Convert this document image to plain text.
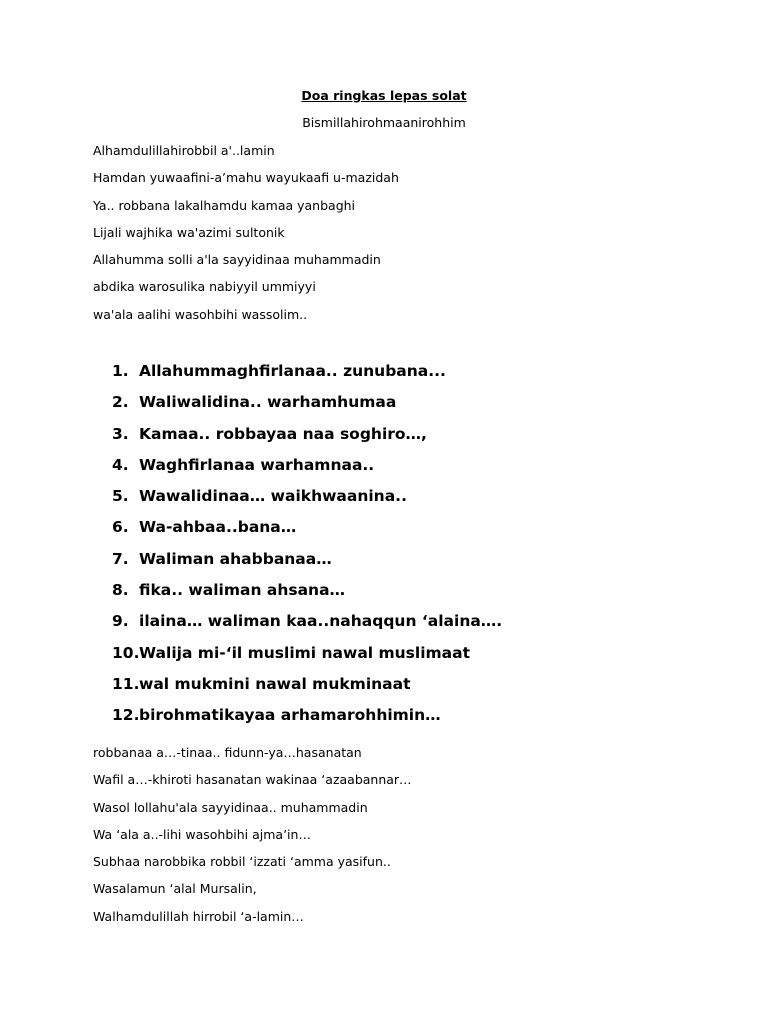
Doa ringkas lepas solat
Bismillahirohmaanirohhim
Alhamdulillahirobbil a'..lamin
Hamdan yuwaafini-a’mahu wayukaafi u-mazidah
Ya.. robbana lakalhamdu kamaa yanbaghi
Lijali wajhika wa'azimi sultonik
Allahumma solli a'la sayyidinaa muhammadin
abdika warosulika nabiyyil ummiyyi
wa'ala aalihi wasohbihi wassolim..
1. Allahummaghfirlanaa.. zunubana...
2. Waliwalidina.. warhamhumaa
3. Kamaa.. robbayaa naa soghiro…,
4. Waghfirlanaa warhamnaa..
5. Wawalidinaa… waikhwaanina..
6. Wa-ahbaa..bana…
7. Waliman ahabbanaa…
8. fika.. waliman ahsana…
9. ilaina… waliman kaa..nahaqqun ‘alaina….
10.Walija mi-‘il muslimi nawal muslimaat
11.wal mukmini nawal mukminaat
12.birohmatikayaa arhamarohhimin…
robbanaa a…-tinaa.. fidunn-ya…hasanatan
Wafil a…-khiroti hasanatan wakinaa ‘azaabannar…
Wasol lollahu'ala sayyidinaa.. muhammadin
Wa ‘ala a..-lihi wasohbihi ajma’in…
Subhaa narobbika robbil ‘izzati ‘amma yasifun..
Wasalamun ‘alal Mursalin,
Walhamdulillah hirrobil ‘a-lamin…
